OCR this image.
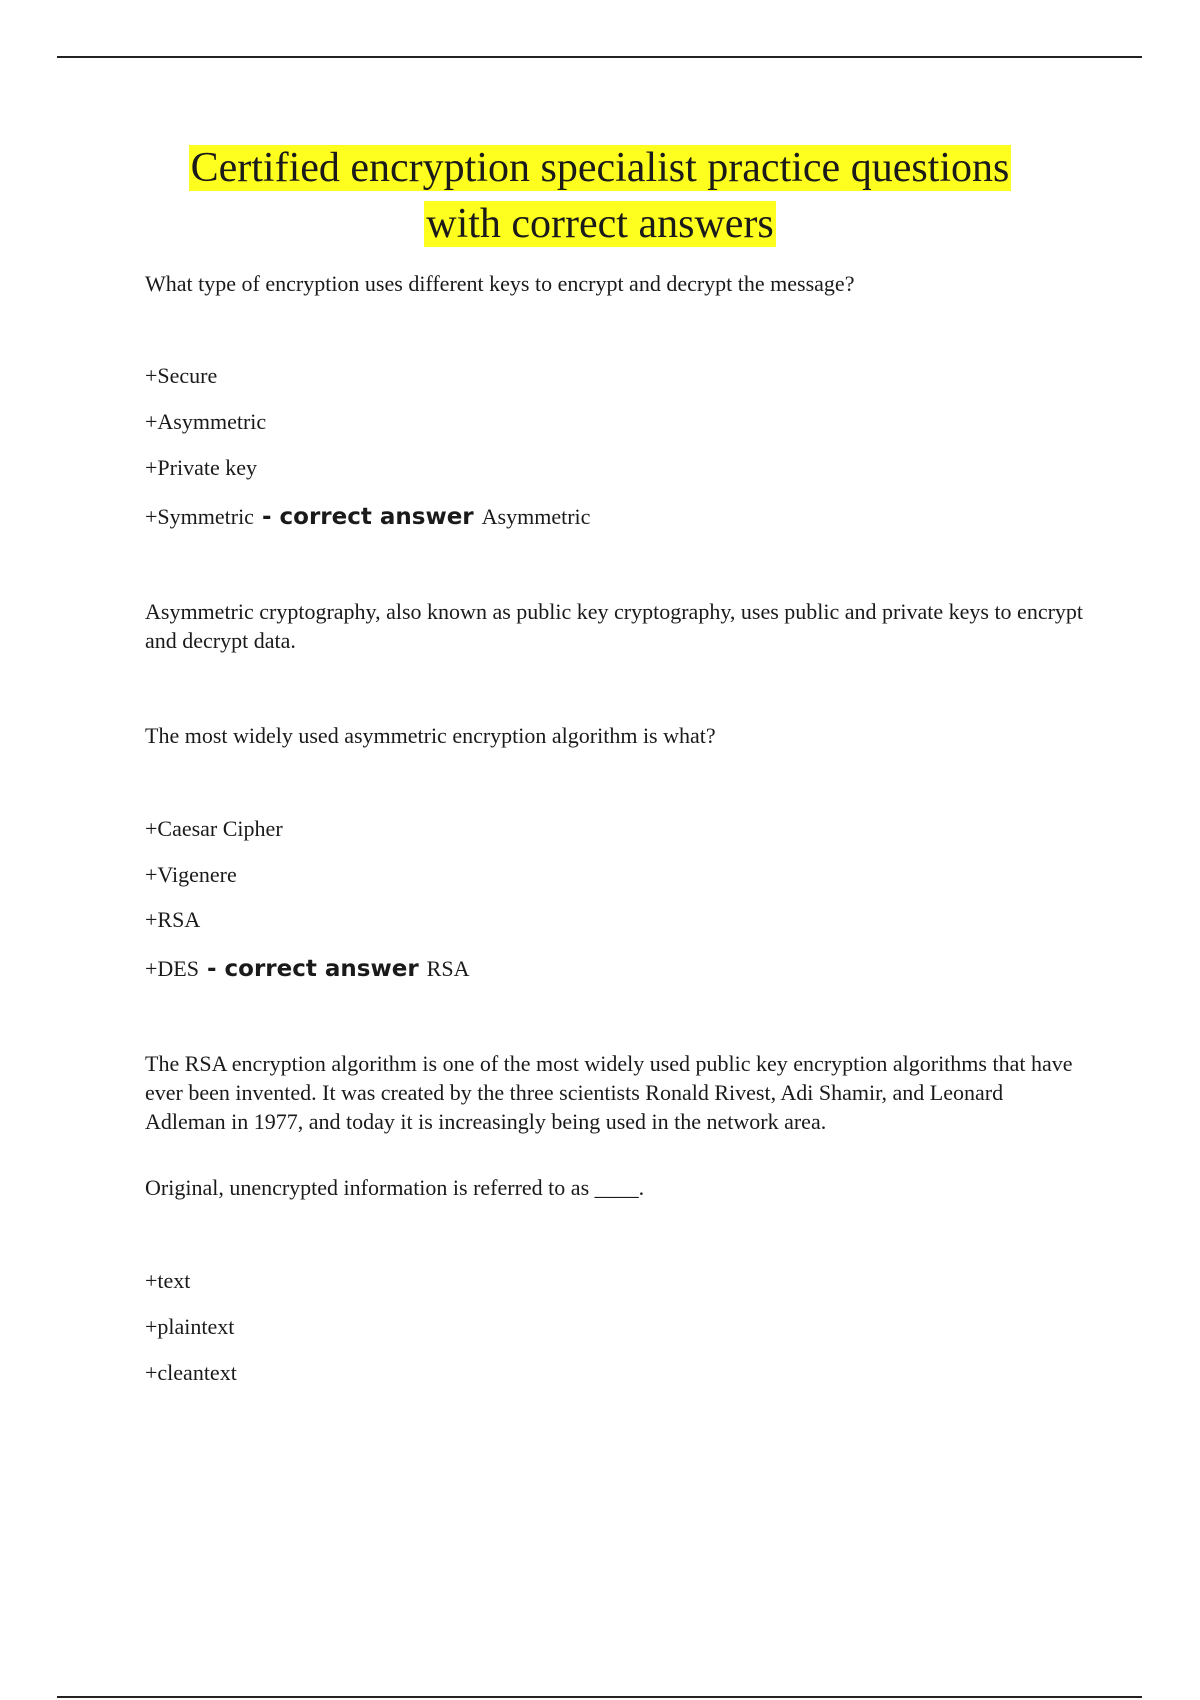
Certified encryption specialist practice questions
with correct answers
What type of encryption uses different keys to encrypt and decrypt the message?
+Secure
+Asymmetric
+Private key
+Symmetric - correct answer Asymmetric
Asymmetric cryptography, also known as public key cryptography, uses public and private keys to encrypt and decrypt data.
The most widely used asymmetric encryption algorithm is what?
+Caesar Cipher
+Vigenere
+RSA
+DES - correct answer RSA
The RSA encryption algorithm is one of the most widely used public key encryption algorithms that have ever been invented. It was created by the three scientists Ronald Rivest, Adi Shamir, and Leonard Adleman in 1977, and today it is increasingly being used in the network area.
Original, unencrypted information is referred to as ____.
+text
+plaintext
+cleantext
